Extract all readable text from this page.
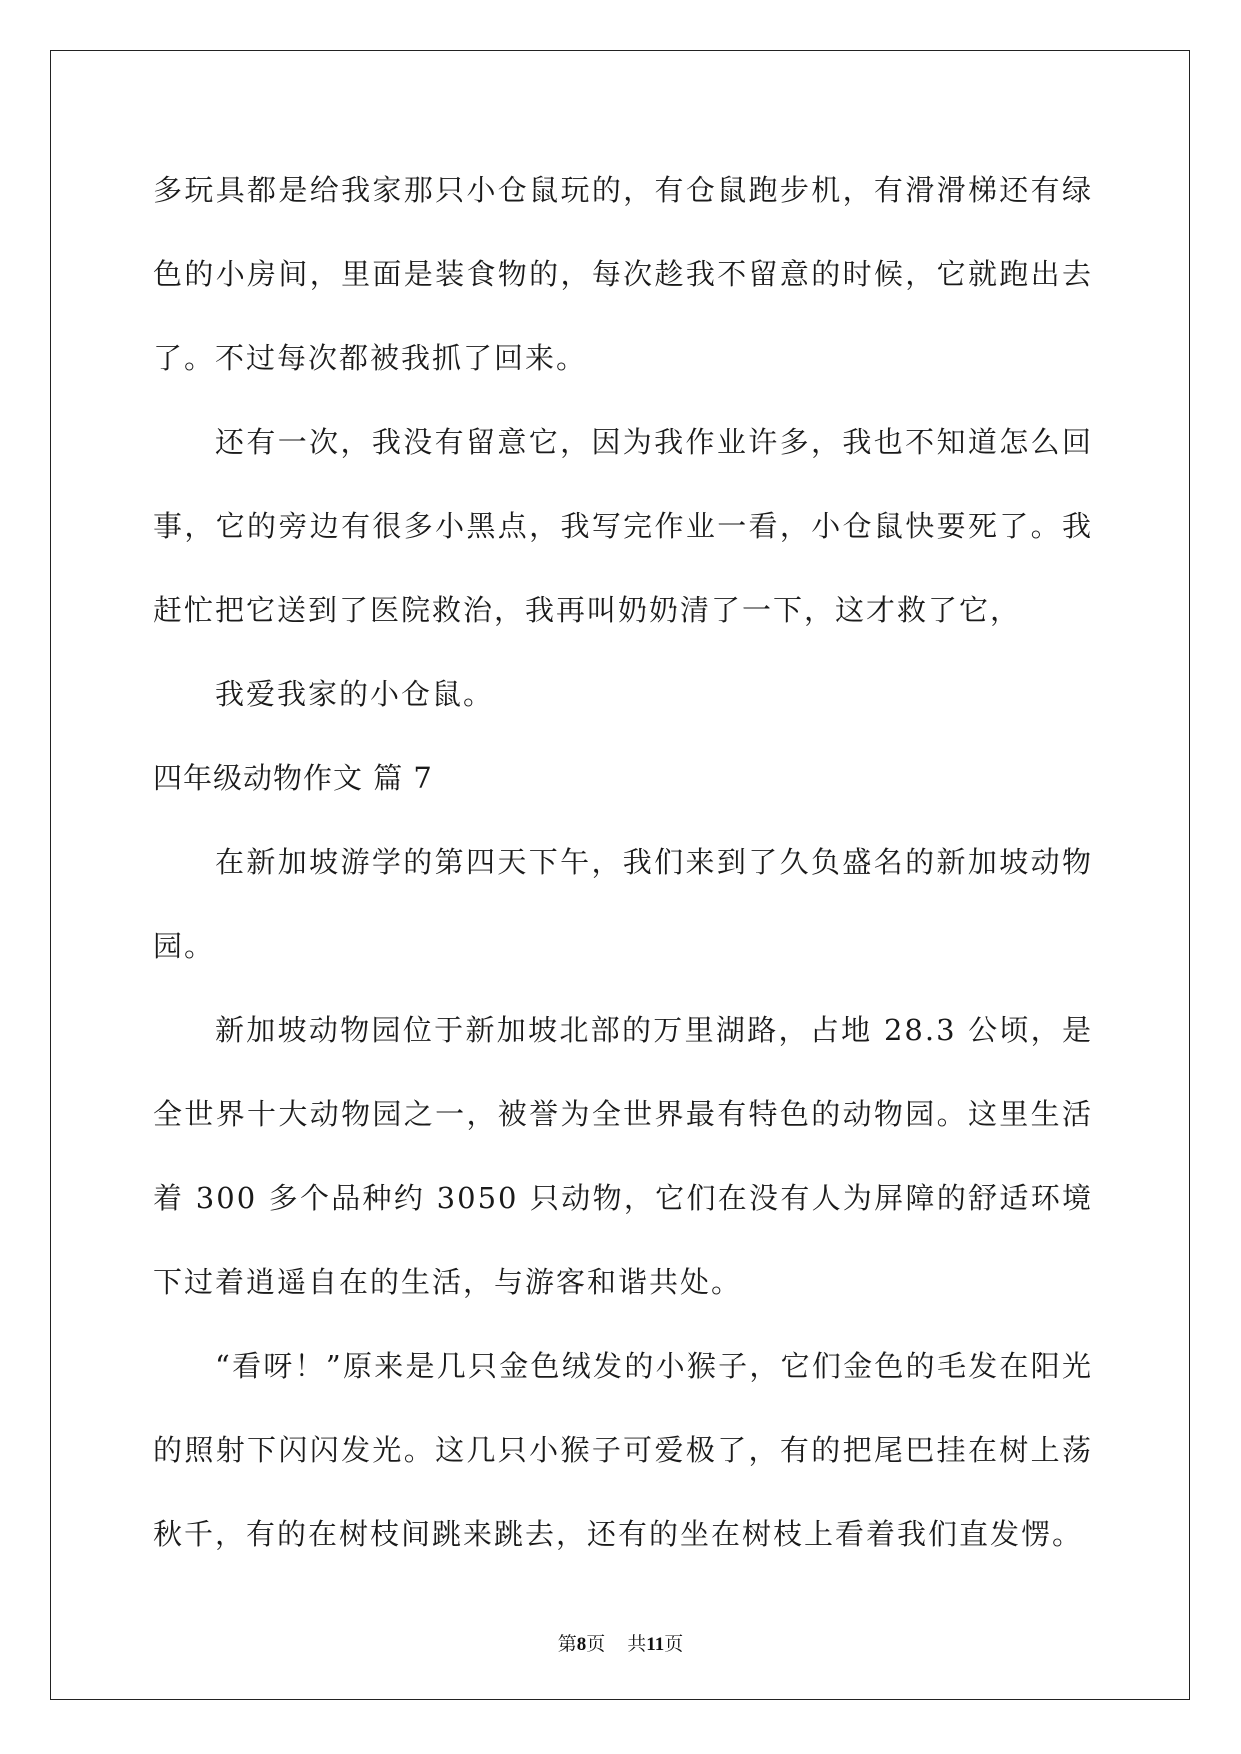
多玩具都是给我家那只小仓鼠玩的，有仓鼠跑步机，有滑滑梯还有绿色的小房间，里面是装食物的，每次趁我不留意的时候，它就跑出去了。不过每次都被我抓了回来。

还有一次，我没有留意它，因为我作业许多，我也不知道怎么回事，它的旁边有很多小黑点，我写完作业一看，小仓鼠快要死了。我赶忙把它送到了医院救治，我再叫奶奶清了一下，这才救了它，

我爱我家的小仓鼠。

四年级动物作文 篇 7

在新加坡游学的第四天下午，我们来到了久负盛名的新加坡动物园。

新加坡动物园位于新加坡北部的万里湖路，占地 28.3 公顷，是全世界十大动物园之一，被誉为全世界最有特色的动物园。这里生活着 300 多个品种约 3050 只动物，它们在没有人为屏障的舒适环境下过着逍遥自在的生活，与游客和谐共处。

“看呀！”原来是几只金色绒发的小猴子，它们金色的毛发在阳光的照射下闪闪发光。这几只小猴子可爱极了，有的把尾巴挂在树上荡秋千，有的在树枝间跳来跳去，还有的坐在树枝上看着我们直发愣。

第8页 共11页
